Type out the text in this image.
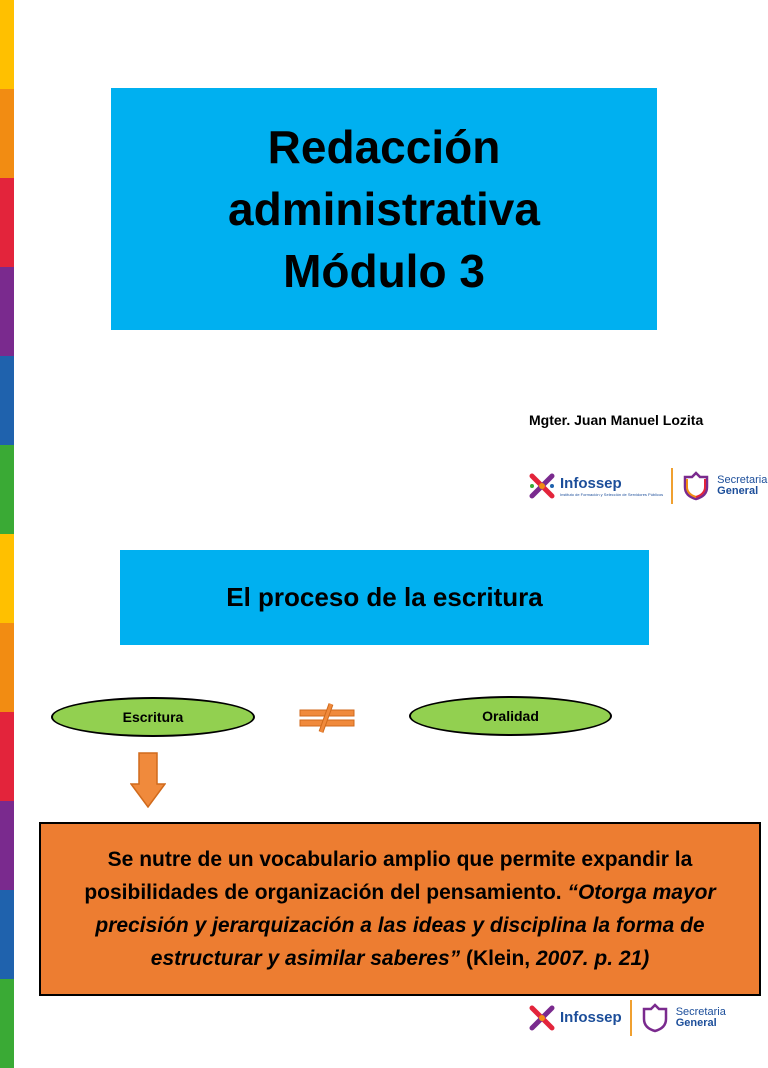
Redacción
administrativa
Módulo 3
Mgter. Juan Manuel Lozita
Infossep
Instituto de Formación y Selección de Servidores Públicos
Secretaria
General
El proceso de la escritura
Escritura	Oralidad
Se nutre de un vocabulario amplio que permite expandir la posibilidades de organización del pensamiento. “Otorga mayor precisión y jerarquización a las ideas y disciplina la forma de estructurar y asimilar saberes” (Klein, 2007. p. 21)
Infossep	Secretaria
General
